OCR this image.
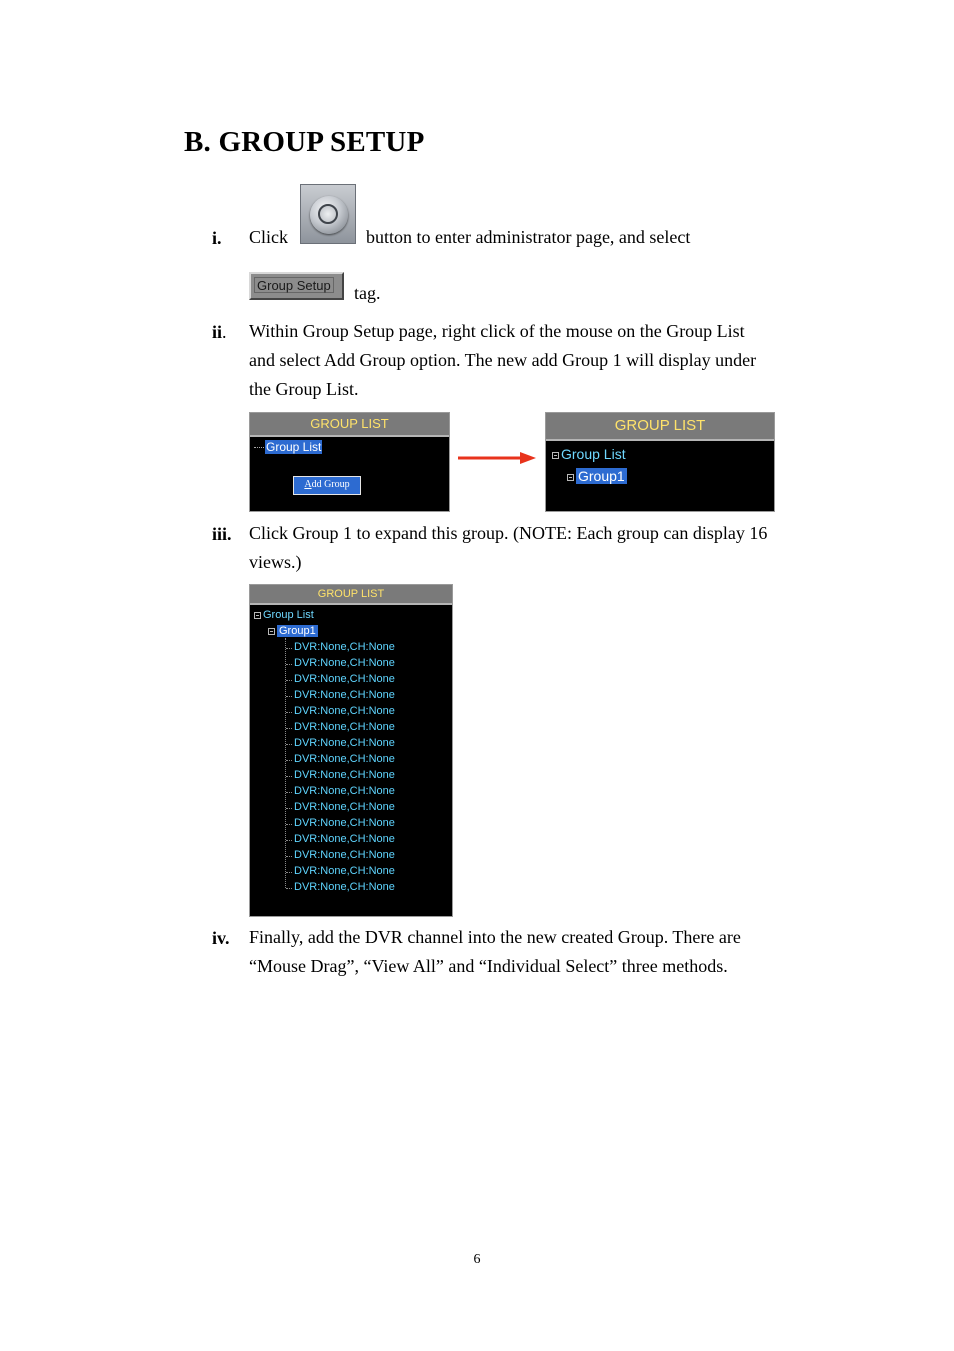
B. GROUP SETUP
i. Click	button to enter administrator page, and select
Group Setup	tag.
ii. Within Group Setup page, right click of the mouse on the Group List
and select Add Group option. The new add Group 1 will display under
the Group List.
GROUP LIST
Group List
Add Group
GROUP LIST
Group List
Group1
iii. Click Group 1 to expand this group. (NOTE: Each group can display 16
views.)
GROUP LIST
Group List
Group1
DVR:None,CH:None
DVR:None,CH:None
DVR:None,CH:None
DVR:None,CH:None
DVR:None,CH:None
DVR:None,CH:None
DVR:None,CH:None
DVR:None,CH:None
DVR:None,CH:None
DVR:None,CH:None
DVR:None,CH:None
DVR:None,CH:None
DVR:None,CH:None
DVR:None,CH:None
DVR:None,CH:None
DVR:None,CH:None
iv. Finally, add the DVR channel into the new created Group. There are
“Mouse Drag”, “View All” and “Individual Select” three methods.
6
